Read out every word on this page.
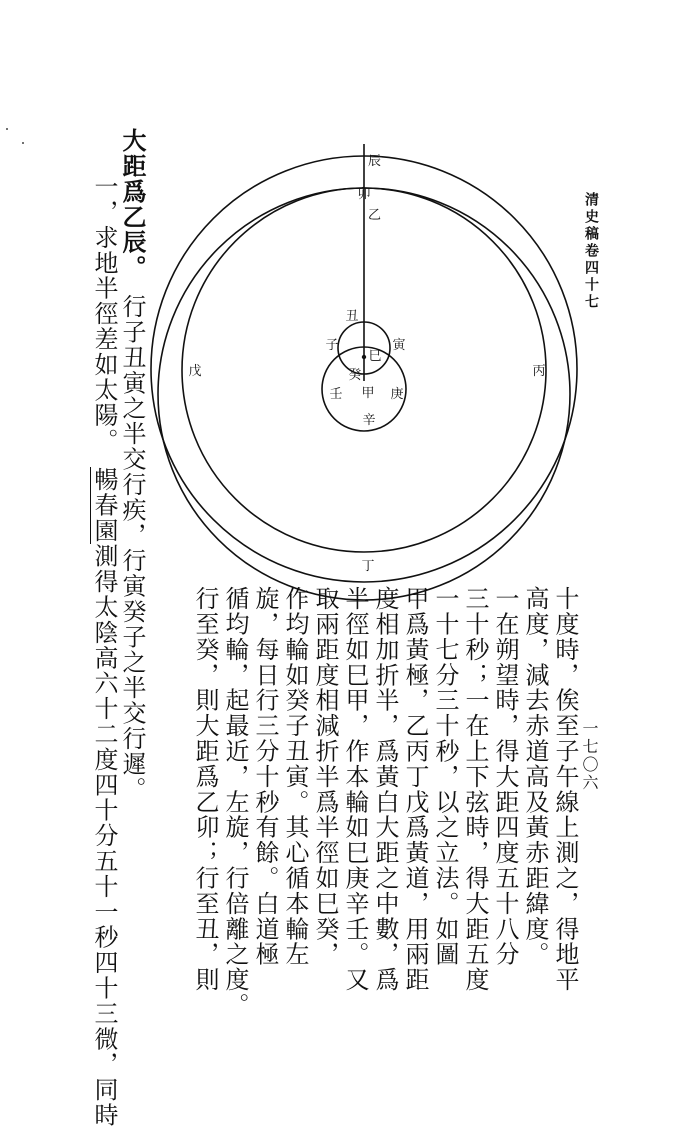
清史稿卷四十七
一七〇六
辰
卯
乙
丑
子	寅
巳
癸
壬 甲 庚
辛
戊	丙
丁
十度時，俟至子午線上測之，得地平
高度，減去赤道高及黃赤距緯度。
一在朔望時，得大距四度五十八分
三十秒；一在上下弦時，得大距五度
一十七分三十秒，以之立法。如圖
甲爲黃極，乙丙丁戊爲黃道，用兩距
度相加折半，爲黃白大距之中數，爲
半徑如巳甲，作本輪如巳庚辛壬。又
取兩距度相減折半爲半徑如巳癸，
作均輪如癸子丑寅。其心循本輪左
旋，每日行三分十秒有餘。白道極
循均輪，起最近，左旋，行倍離之度。
行至癸，則大距爲乙卯；行至丑，則
大距爲乙辰。行子丑寅之半交行疾，行寅癸子之半交行遲。
一，求地半徑差如太陽。暢春園測得太陰高六十二度四十分五十一秒四十三微，同時
